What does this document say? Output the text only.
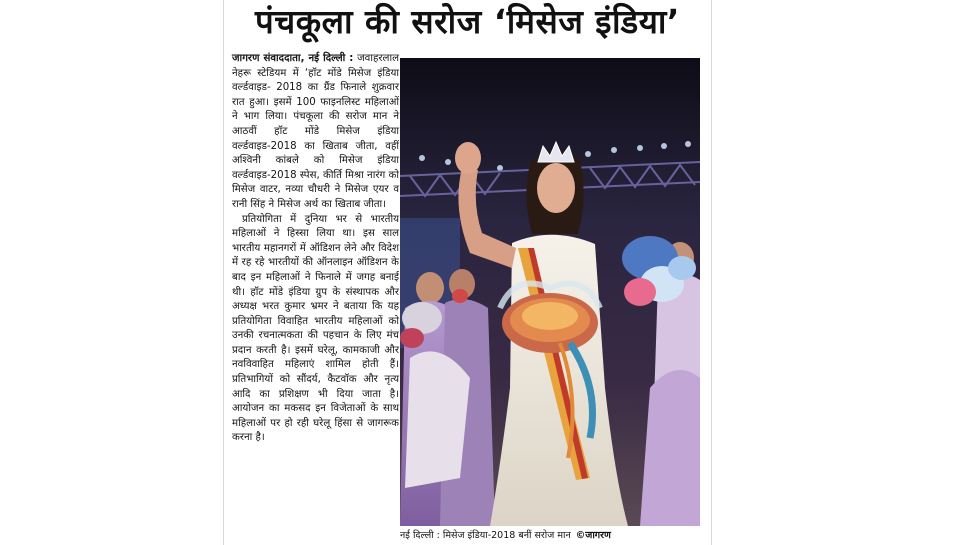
पंचकूला की सरोज ‘मिसेज इंडिया’

जागरण संवाददाता, नई दिल्ली : जवाहरलाल नेहरू स्टेडियम में ‘हॉट मोंडे मिसेज इंडिया वर्ल्डवाइड- 2018 का ग्रैंड फिनाले शुक्रवार रात हुआ। इसमें 100 फाइनलिस्ट महिलाओं ने भाग लिया। पंचकूला की सरोज मान ने आठवीं हॉट मोंडे मिसेज इंडिया वर्ल्डवाइड-2018 का खिताब जीता, वहीं अश्विनी कांबले को मिसेज इंडिया वर्ल्डवाइड-2018 स्पेस, कीर्ति मिश्रा नारंग को मिसेज वाटर, नव्या चौधरी ने मिसेज एयर व रानी सिंह ने मिसेज अर्थ का खिताब जीता।

प्रतियोगिता में दुनिया भर से भारतीय महिलाओं ने हिस्सा लिया था। इस साल भारतीय महानगरों में ऑडिशन लेने और विदेश में रह रहे भारतीयों की ऑनलाइन ऑडिशन के बाद इन महिलाओं ने फिनाले में जगह बनाई थी। हॉट मोंडे इंडिया ग्रुप के संस्थापक और अध्यक्ष भरत कुमार भ्रमर ने बताया कि यह प्रतियोगिता विवाहित भारतीय महिलाओं को उनकी रचनात्मकता की पहचान के लिए मंच प्रदान करती है। इसमें घरेलू, कामकाजी और नवविवाहित महिलाएं शामिल होती हैं। प्रतिभागियों को सौंदर्य, कैटवॉक और नृत्य आदि का प्रशिक्षण भी दिया जाता है। आयोजन का मकसद इन विजेताओं के साथ महिलाओं पर हो रही घरेलू हिंसा से जागरूक करना है।

नई दिल्ली : मिसेज इंडिया-2018 बनीं सरोज मान ©जागरण
